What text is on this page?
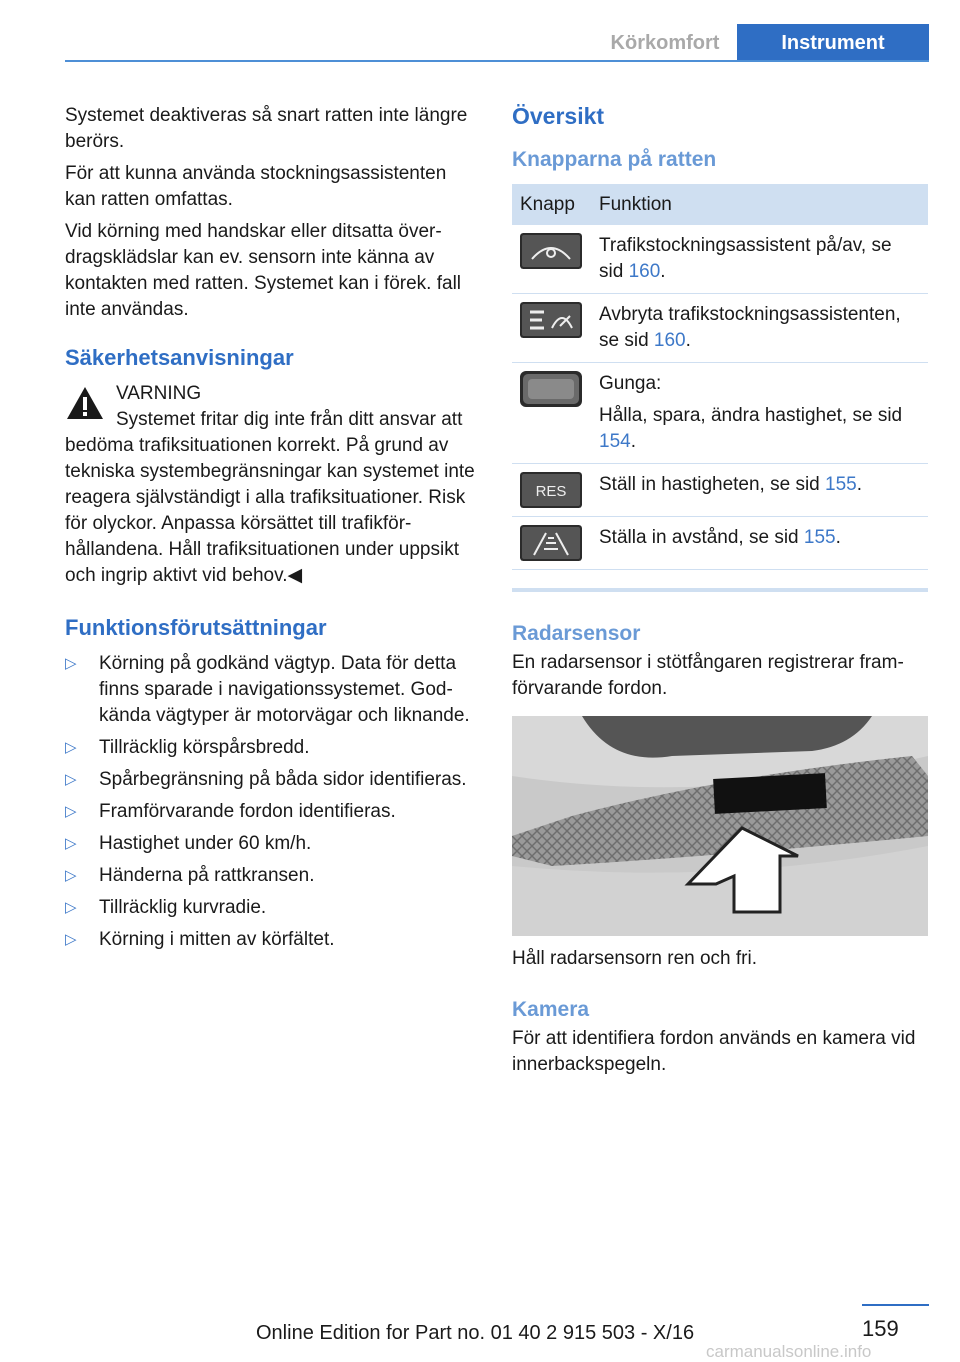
Körkomfort	Instrument

Systemet deaktiveras så snart ratten inte längre berörs.

För att kunna använda stockningsassistenten kan ratten omfattas.

Vid körning med handskar eller ditsatta överdragsklädslar kan ev. sensorn inte känna av kontakten med ratten. Systemet kan i förek. fall inte användas.

Säkerhetsanvisningar
VARNING
Systemet fritar dig inte från ditt ansvar att bedöma trafiksituationen korrekt. På grund av tekniska systembegränsningar kan systemet inte reagera självständigt i alla trafiksituationer. Risk för olyckor. Anpassa körsättet till trafikförhållandena. Håll trafiksituationen under uppsikt och ingrip aktivt vid behov.◀
Funktionsförutsättningar
▷ Körning på godkänd vägtyp. Data för detta finns sparade i navigationssystemet. Godkända vägtyper är motorvägar och liknande.
▷ Tillräcklig körspårsbredd.
▷ Spårbegränsning på båda sidor identifieras.
▷ Framförvarande fordon identifieras.
▷ Hastighet under 60 km/h.
▷ Händerna på rattkransen.
▷ Tillräcklig kurvradie.
▷ Körning i mitten av körfältet.
Översikt
Knapparna på ratten
Knapp	Funktion

	Trafikstockningsassistent på/av, se sid 160.

	Avbryta trafikstockningsassistenten, se sid 160.

Gunga:
Hålla, spara, ändra hastighet, se sid 154.

RES	Ställ in hastigheten, se sid 155.

	Ställa in avstånd, se sid 155.
Radarsensor

En radarsensor i stötfångaren registrerar framförvarande fordon.

Håll radarsensorn ren och fri.

Kamera

För att identifiera fordon används en kamera vid innerbackspegeln.

159
Online Edition for Part no. 01 40 2 915 503 - X/16
carmanualsonline.info
